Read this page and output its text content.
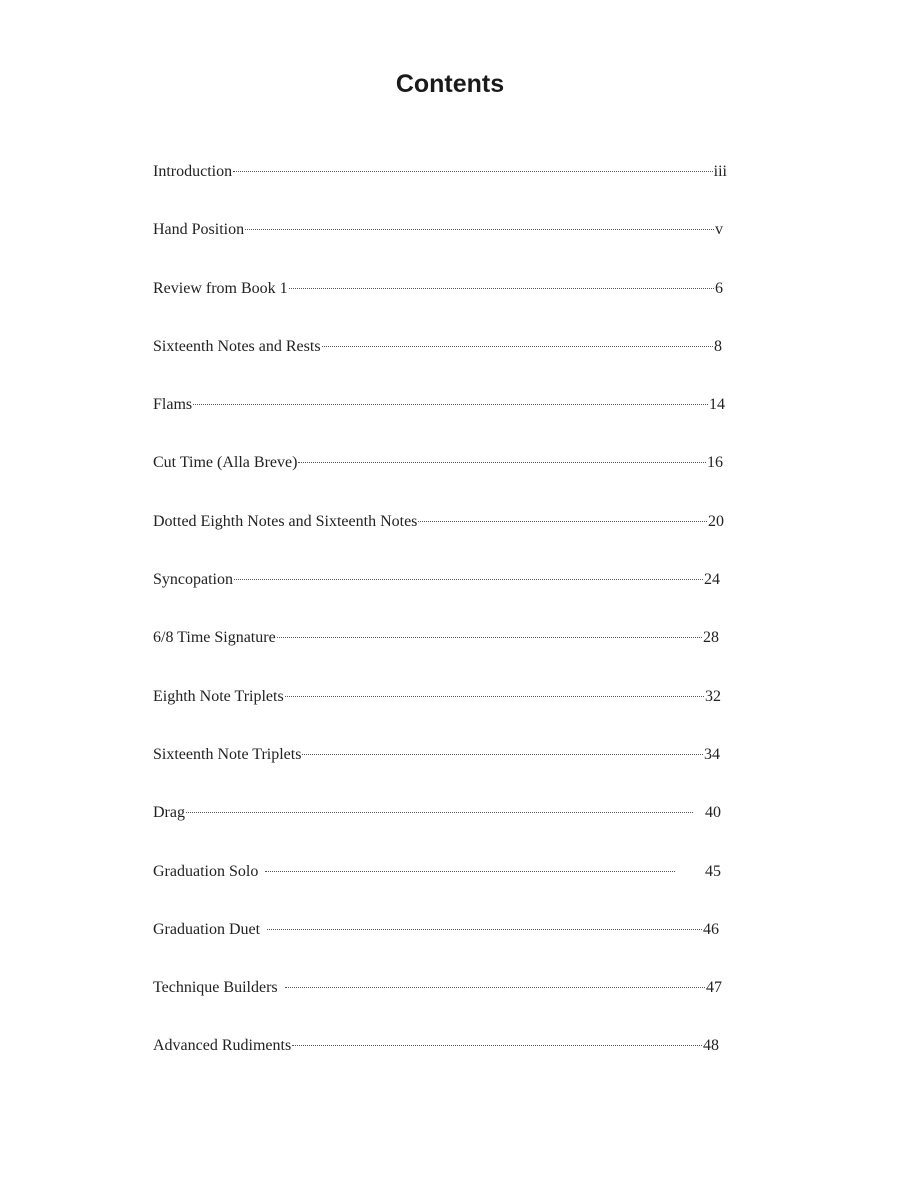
Contents
Introduction	iii
Hand Position	v
Review from Book 1	6
Sixteenth Notes and Rests	8
Flams	14
Cut Time (Alla Breve)	16
Dotted Eighth Notes and Sixteenth Notes	20
Syncopation	24
6/8 Time Signature	28
Eighth Note Triplets	32
Sixteenth Note Triplets	34
Drag	40
Graduation Solo	45
Graduation Duet	46
Technique Builders	47
Advanced Rudiments	48
